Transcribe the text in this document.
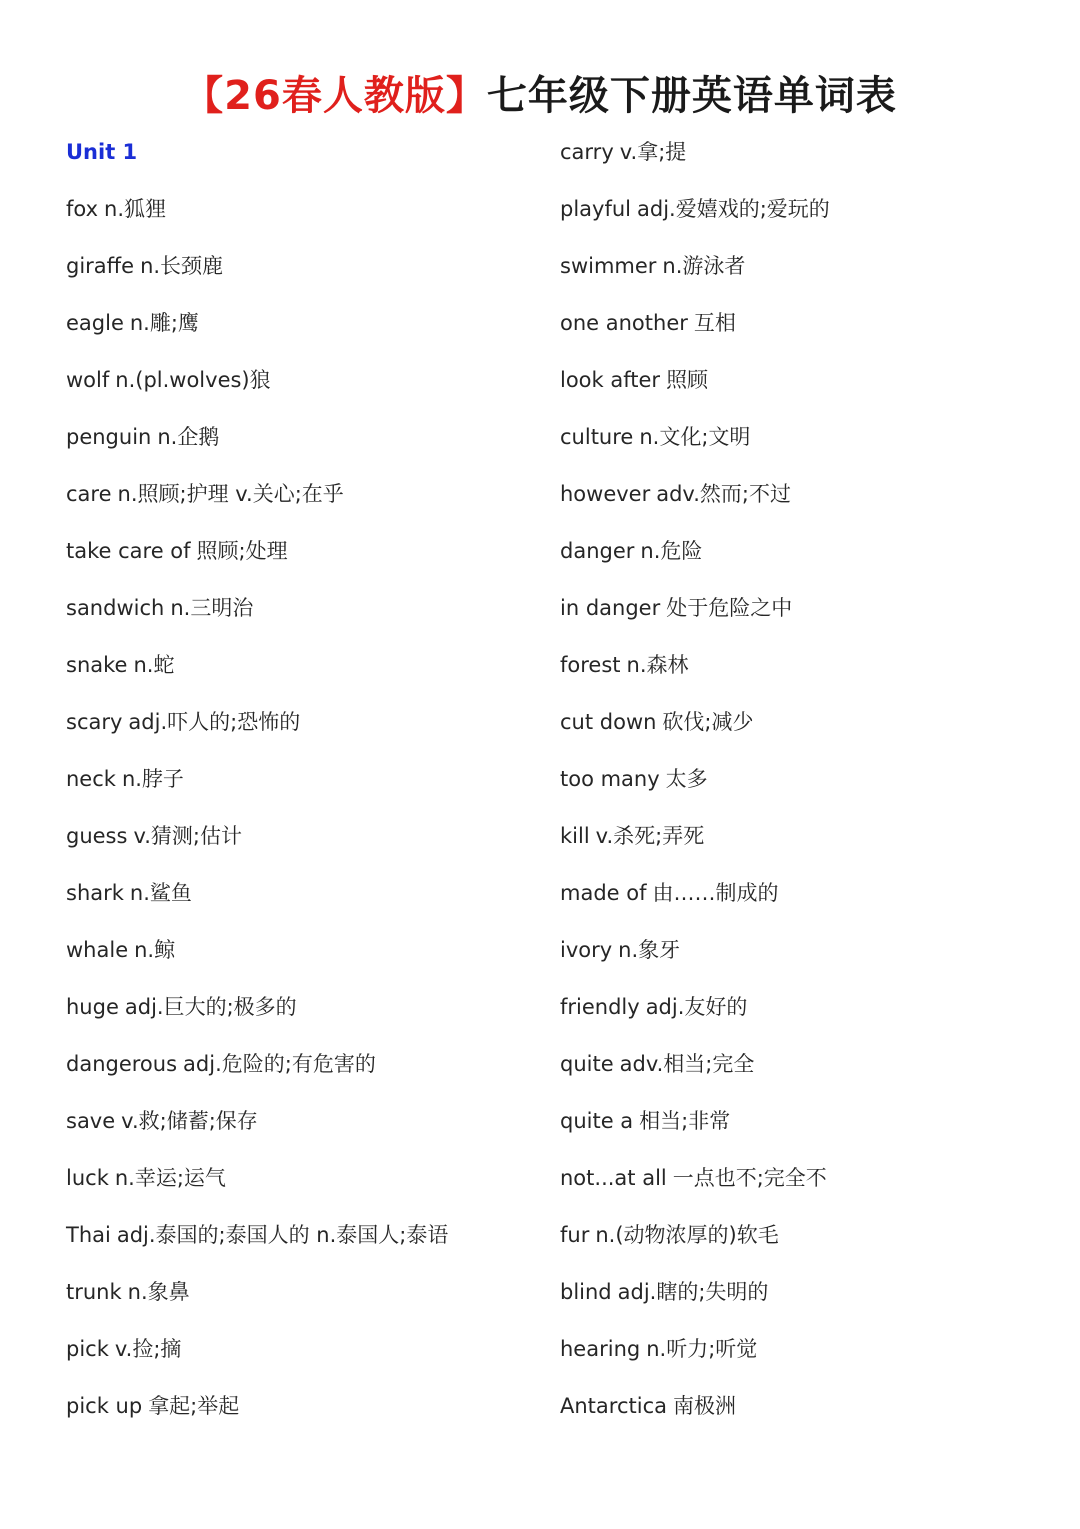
【26春人教版】七年级下册英语单词表
Unit 1
fox n.狐狸
giraffe n.长颈鹿
eagle n.雕;鹰
wolf n.(pl.wolves)狼
penguin n.企鹅
care n.照顾;护理 v.关心;在乎
take care of 照顾;处理
sandwich n.三明治
snake n.蛇
scary adj.吓人的;恐怖的
neck n.脖子
guess v.猜测;估计
shark n.鲨鱼
whale n.鲸
huge adj.巨大的;极多的
dangerous adj.危险的;有危害的
save v.救;储蓄;保存
luck n.幸运;运气
Thai adj.泰国的;泰国人的 n.泰国人;泰语
trunk n.象鼻
pick v.捡;摘
pick up 拿起;举起
carry v.拿;提
playful adj.爱嬉戏的;爱玩的
swimmer n.游泳者
one another 互相
look after 照顾
culture n.文化;文明
however adv.然而;不过
danger n.危险
in danger 处于危险之中
forest n.森林
cut down 砍伐;减少
too many 太多
kill v.杀死;弄死
made of 由……制成的
ivory n.象牙
friendly adj.友好的
quite adv.相当;完全
quite a 相当;非常
not...at all 一点也不;完全不
fur n.(动物浓厚的)软毛
blind adj.瞎的;失明的
hearing n.听力;听觉
Antarctica 南极洲
